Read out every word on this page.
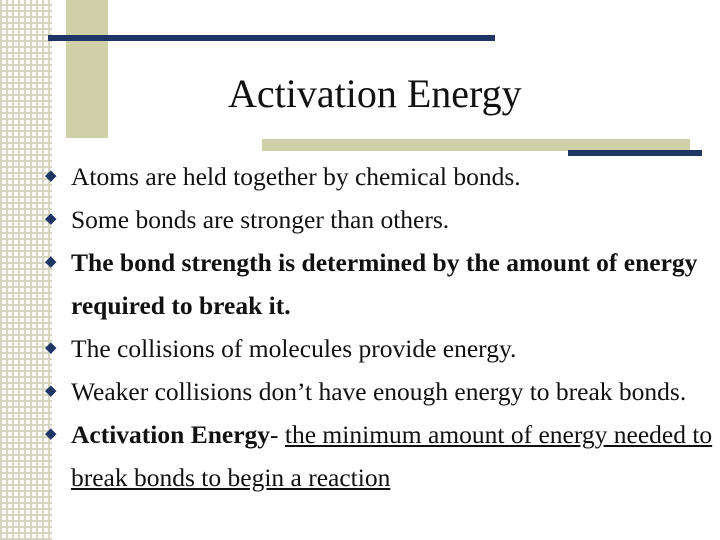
Activation Energy
◆ Atoms are held together by chemical bonds.
◆ Some bonds are stronger than others.
◆ The bond strength is determined by the amount of energy required to break it.
◆ The collisions of molecules provide energy.
◆ Weaker collisions don’t have enough energy to break bonds.
◆ Activation Energy- the minimum amount of energy needed to break bonds to begin a reaction
